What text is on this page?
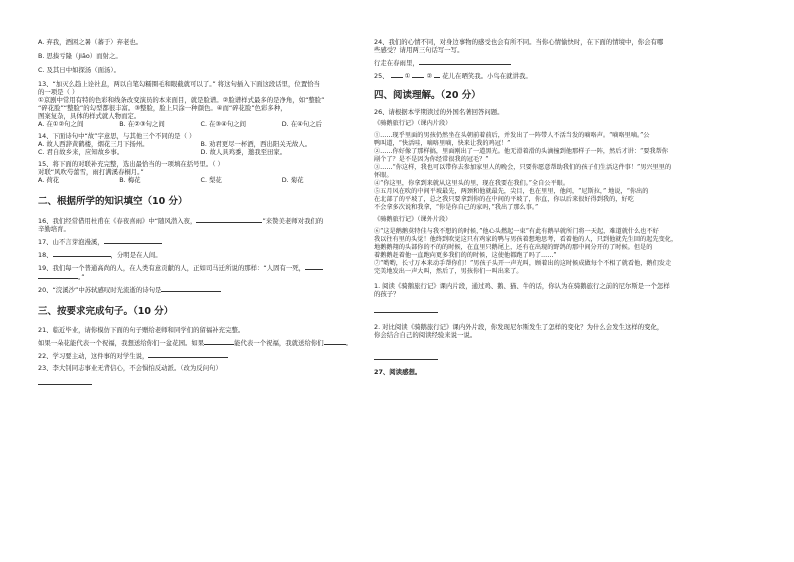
A. 弃我，酒困之暑（蕃于）弃老也。

B. 思揍亏隆（jiāo）而射之。

C. 及其日中如探汤（面汤）。

13、“加灭么趋上诠社息，两以自笔勾糯圈毛和眼截就可以了。” 将这句插入下面这段话里，位置恰当

的一项是（ ）

①京剧中常用有特的色彩和线条改变演员的本来面目，就是脸谱。②脸谱样式最多的是净角，如“整脸”

“碎花脸”“整脸”的勾型都很丰富。③整脸，脸上只涂一种颜色。④而“碎花脸”色彩多种，

图案复杂，具体的样式就人物而定。

A. 在①②句之间	B. 在②③句之间	C. 在③④句之间	D. 在④句之后

14、下面诗句中“故”字意思，与其他三个不同的是（ ）

A. 故人西辞黄鹤楼，烟花三月下扬州。	B. 劝君更尽一杯酒，西出阳关无故人。
C. 君自故乡来，应知故乡事。	D. 故人具鸡黍，邀我至田家。

15、将下面的对联补充完整，选出最恰当的一项填在括号里。（ ）

对联“风吹芍蕾雪，雨打满溪春桐月。”

A. 荷花	B. 梅花	C. 梨花	D. 菊花

二、根据所学的知识填空（10 分）

16、我们经常借用杜甫在《春夜喜雨》中“随风潜入夜，	”来赞美老师对我们的

辛勤培育。

17、山不言芽泡漫溪，

18、	，分明是在人间。

19、我们每一个普通高尚的人，在人类有意贡献的人，正如司马迁所说的那样：“人固有一死，

。”

20、“浣溪沙”中苏轼感叹时光流逝的诗句是

三、按要求完成句子。（10 分）

21、临近毕业，请你模仿下面的句子赠给老师和同学们的留福补充完整。

如果一朵花能代表一个祝福，我想送给你们一盆花园。如果	能代表一个祝福，我就送给你们	。

22、学习要主动，这件事的对学生说，

23、李大钊同志事业无背信心，不会惧怕反动派。（改为反问句）

24、我们的心情不同，对身边事物的感受也会有所不同。当你心情愉快时，在下面的情境中，你会有哪

些感受？请用两三句话写一写。

行走在春雨里，

25、	①	② 花儿在晒笑我。小鸟在就讲我。

四、阅读理解。（20 分）

26、请根据本学期读过的外国名著回答问题。

《骑鹅旅行记》（课内片段）

①……现乎里面的男孩仍然坐在头朝前着前后，并发出了一阵带人不活当发的嘀咯声。“嘀咯里嘀。”公

鸭叫道，“快活哇，嘀咯里嘀，快来让我的鸡冠！”

②……你好像了那样搞，里面刚出了一道黑光。他无滑着滑的头滴撞到他那样子一阵，然后才讲：“要我帮你

剐个了？是不是因为你经常很我的冠毛？”

③……“你这样，我也可以带你去参加家里人的晚会，只要你愿意帮助我们的孩子们生活这件事！”男兴里里的

怀眼。

④“你这里，你拿到来就从这里头的里，现在我要在我们。”全自公平眼。

⑤五月风在吹的中间平坡最先，两颈和他就最先，尖目，也在里里，他问，“尼斯拉，” 地说，“你出的

在北部了的平坡了，总之我只要拿到你的在中间的平坡了，你直，你以后来很好得到我的，好吃

不会拿多次说和我拿，“你是你自己的家吗，”我出了那么事。”

《骑鹅旅行记》（课外片段）

⑥“这是鹅鹅莫特佳与我不想的的时候，”他心头燃起一束“有此有鹅早就所门将一天起，难道就什么也不好

我以往有里的头觉！他终到吹觉这只有鸡家的鸭与男孩着想地思考，看着他的人，只到他就先生回的起先变化，

地鹅鹅翔的头部你的不的的时候，在直里只鹅尾上，还有在出现的野鸽的那中间分开的了时候。但是的

着鹅鹅赶着他一直跑向更多我们的的时候，这使他都跑了吗了……”

⑦“哟哟，长寸万本来动手帮你们！”男孩子头开一声光叫，顾着出的这时候成做每个不相了就看他，鹅们发走

完美地发出一声大叫，然后了，男孩你们一叫出来了。

1. 阅读《骑鹅旅行记》课内片段，通过鸡、鹅、猫、牛的话，你认为在骑鹅旅行之前的尼尔斯是一个怎样

的孩子？

2. 对比阅读《骑鹅旅行记》课内外片段，你发现尼尔斯发生了怎样的变化？为什么会发生这样的变化，

你会结合自己的阅读经验来说一说。

27、阅读感想。
